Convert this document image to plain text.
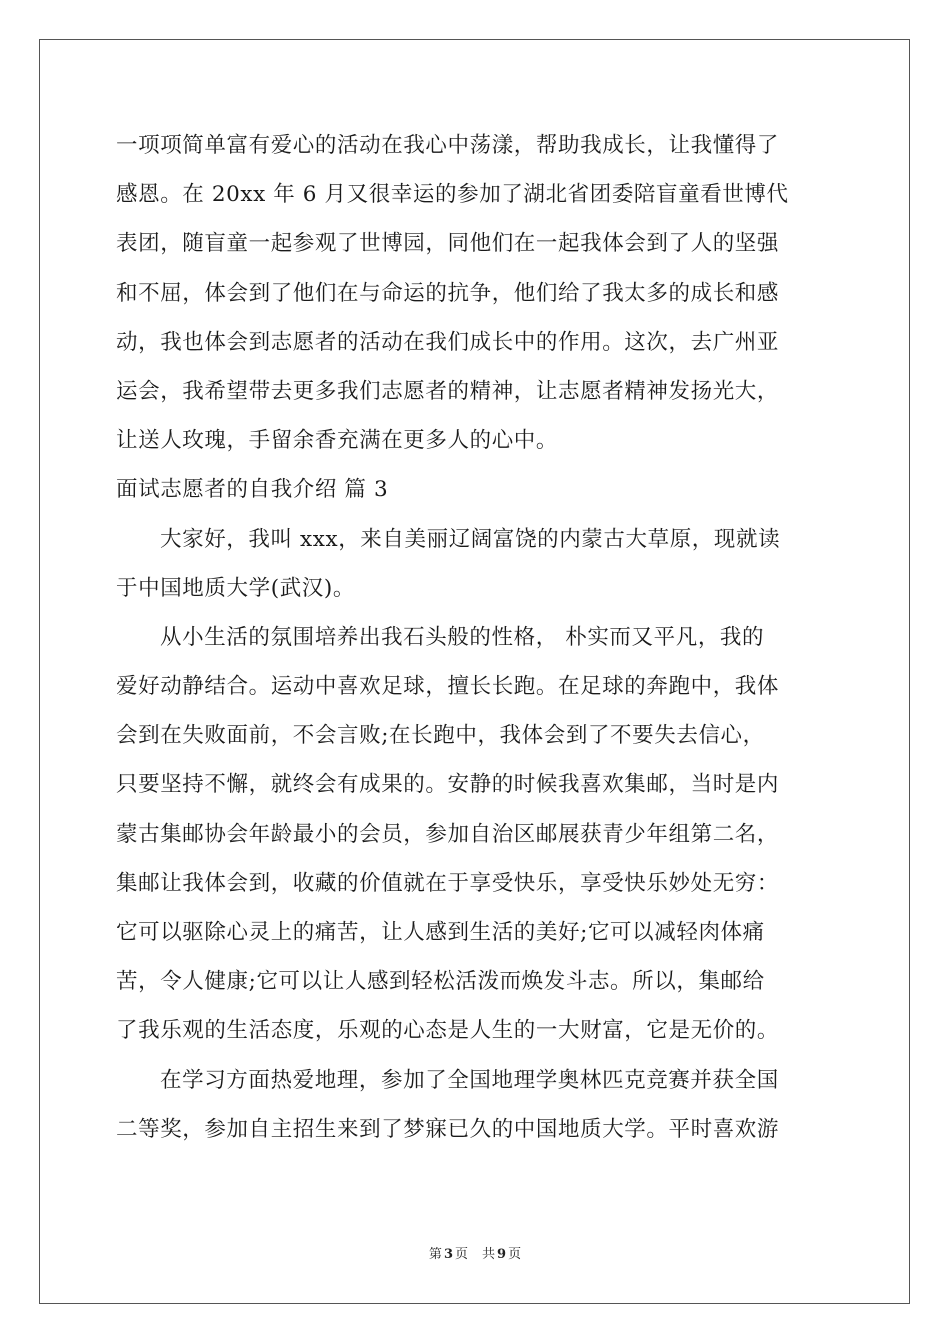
一项项简单富有爱心的活动在我心中荡漾，帮助我成长，让我懂得了
感恩。在 20xx 年 6 月又很幸运的参加了湖北省团委陪盲童看世博代
表团，随盲童一起参观了世博园，同他们在一起我体会到了人的坚强
和不屈，体会到了他们在与命运的抗争，他们给了我太多的成长和感
动，我也体会到志愿者的活动在我们成长中的作用。这次，去广州亚
运会，我希望带去更多我们志愿者的精神，让志愿者精神发扬光大，
让送人玫瑰，手留余香充满在更多人的心中。
面试志愿者的自我介绍 篇 3
大家好，我叫 xxx，来自美丽辽阔富饶的内蒙古大草原，现就读
于中国地质大学(武汉)。
从小生活的氛围培养出我石头般的性格， 朴实而又平凡，我的
爱好动静结合。运动中喜欢足球，擅长长跑。在足球的奔跑中，我体
会到在失败面前，不会言败;在长跑中，我体会到了不要失去信心，
只要坚持不懈，就终会有成果的。安静的时候我喜欢集邮，当时是内
蒙古集邮协会年龄最小的会员，参加自治区邮展获青少年组第二名，
集邮让我体会到，收藏的价值就在于享受快乐，享受快乐妙处无穷：
它可以驱除心灵上的痛苦，让人感到生活的美好;它可以减轻肉体痛
苦，令人健康;它可以让人感到轻松活泼而焕发斗志。所以，集邮给
了我乐观的生活态度，乐观的心态是人生的一大财富，它是无价的。
在学习方面热爱地理，参加了全国地理学奥林匹克竞赛并获全国
二等奖，参加自主招生来到了梦寐已久的中国地质大学。平时喜欢游
第 3 页 共 9 页
